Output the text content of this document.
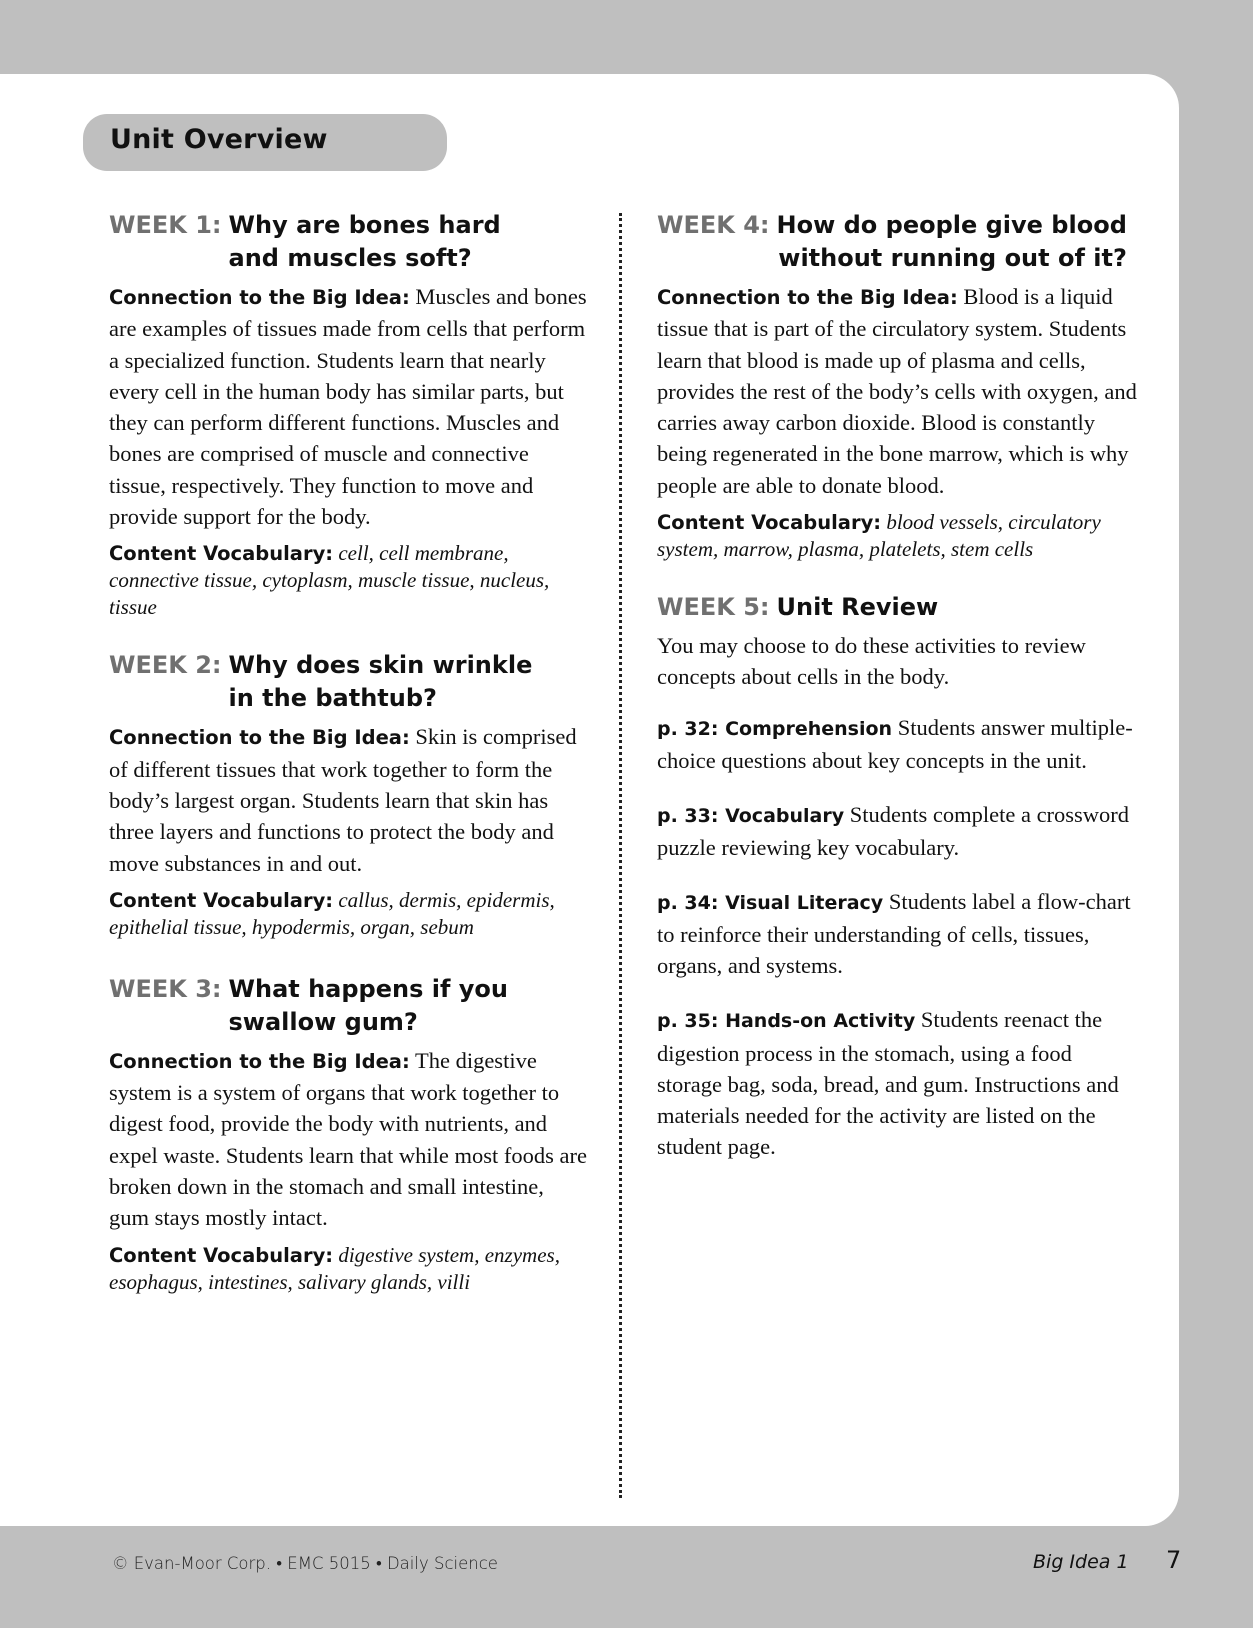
Unit Overview
WEEK 1: Why are bones hard
and muscles soft?

Connection to the Big Idea: Muscles and bones are examples of tissues made from cells that perform a specialized function. Students learn that nearly every cell in the human body has similar parts, but they can perform different functions. Muscles and bones are comprised of muscle and connective tissue, respectively. They function to move and provide support for the body.

Content Vocabulary: cell, cell membrane, connective tissue, cytoplasm, muscle tissue, nucleus, tissue
WEEK 2: Why does skin wrinkle
in the bathtub?

Connection to the Big Idea: Skin is comprised of different tissues that work together to form the body’s largest organ. Students learn that skin has three layers and functions to protect the body and move substances in and out.

Content Vocabulary: callus, dermis, epidermis, epithelial tissue, hypodermis, organ, sebum
WEEK 3: What happens if you
swallow gum?

Connection to the Big Idea: The digestive system is a system of organs that work together to digest food, provide the body with nutrients, and expel waste. Students learn that while most foods are broken down in the stomach and small intestine, gum stays mostly intact.

Content Vocabulary: digestive system, enzymes, esophagus, intestines, salivary glands, villi
WEEK 4: How do people give blood
without running out of it?

Connection to the Big Idea: Blood is a liquid tissue that is part of the circulatory system. Students learn that blood is made up of plasma and cells, provides the rest of the body’s cells with oxygen, and carries away carbon dioxide. Blood is constantly being regenerated in the bone marrow, which is why people are able to donate blood.

Content Vocabulary: blood vessels, circulatory system, marrow, plasma, platelets, stem cells
WEEK 5: Unit Review

You may choose to do these activities to review concepts about cells in the body.

p. 32: Comprehension Students answer multiple-choice questions about key concepts in the unit.

p. 33: Vocabulary Students complete a crossword puzzle reviewing key vocabulary.

p. 34: Visual Literacy Students label a flow-chart to reinforce their understanding of cells, tissues, organs, and systems.

p. 35: Hands-on Activity Students reenact the digestion process in the stomach, using a food storage bag, soda, bread, and gum. Instructions and materials needed for the activity are listed on the student page.

© Evan-Moor Corp. • EMC 5015 • Daily Science	Big Idea 1 7
